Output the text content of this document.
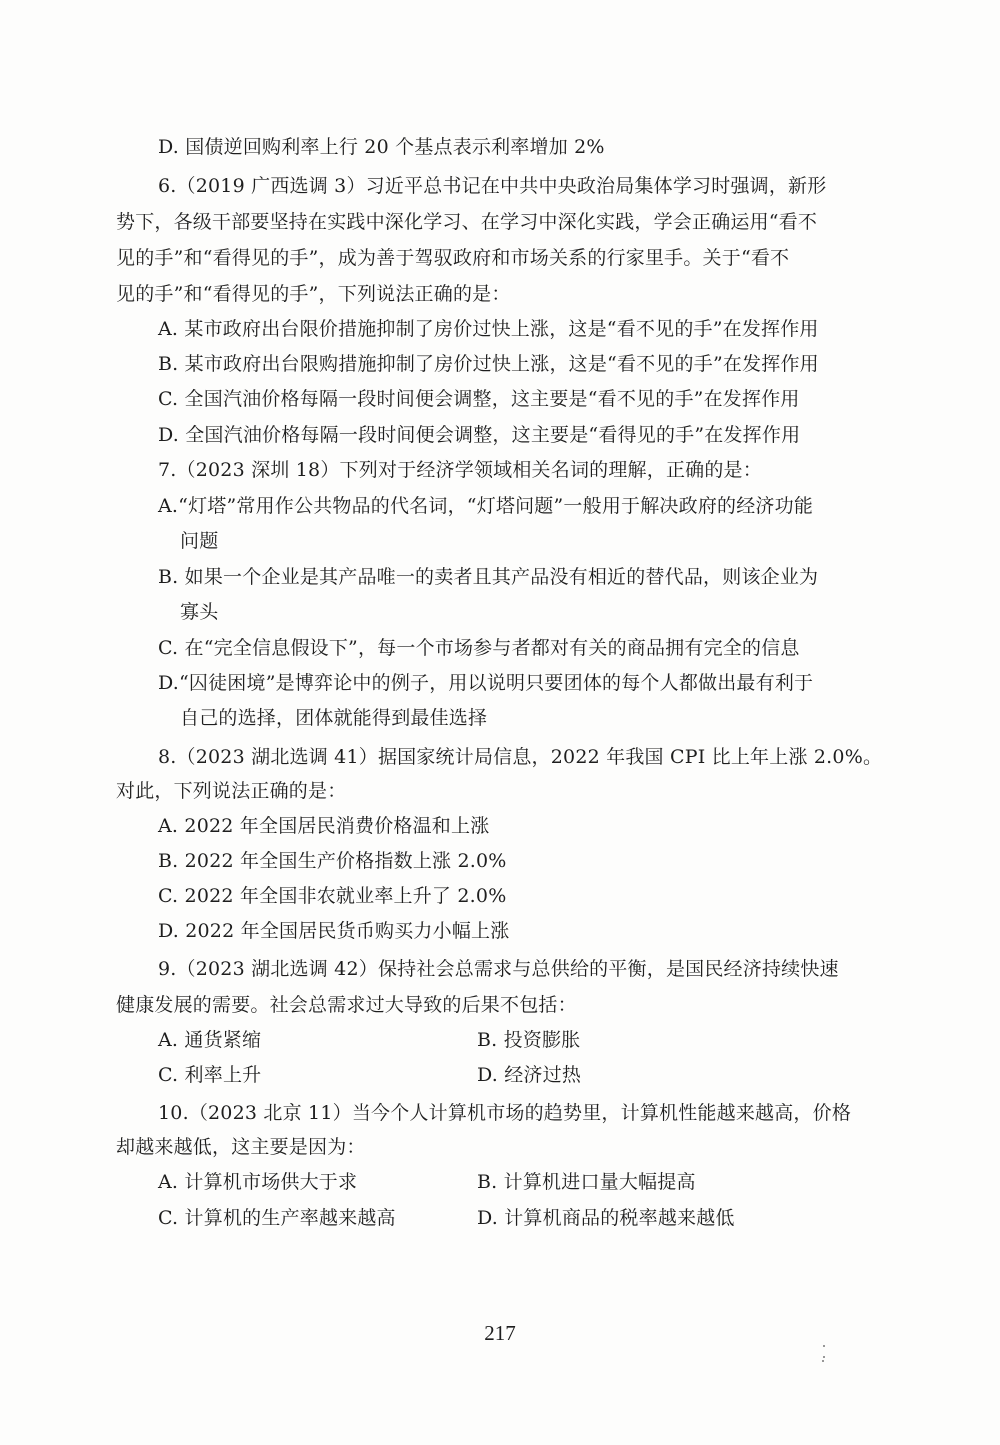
D. 国债逆回购利率上行 20 个基点表示利率增加 2%
6.（2019 广西选调 3）习近平总书记在中共中央政治局集体学习时强调，新形
势下，各级干部要坚持在实践中深化学习、在学习中深化实践，学会正确运用“看不
见的手”和“看得见的手”，成为善于驾驭政府和市场关系的行家里手。关于“看不
见的手”和“看得见的手”，下列说法正确的是：
A. 某市政府出台限价措施抑制了房价过快上涨，这是“看不见的手”在发挥作用
B. 某市政府出台限购措施抑制了房价过快上涨，这是“看不见的手”在发挥作用
C. 全国汽油价格每隔一段时间便会调整，这主要是“看不见的手”在发挥作用
D. 全国汽油价格每隔一段时间便会调整，这主要是“看得见的手”在发挥作用
7.（2023 深圳 18）下列对于经济学领域相关名词的理解，正确的是：
A.“灯塔”常用作公共物品的代名词，“灯塔问题”一般用于解决政府的经济功能
问题
B. 如果一个企业是其产品唯一的卖者且其产品没有相近的替代品，则该企业为
寡头
C. 在“完全信息假设下”，每一个市场参与者都对有关的商品拥有完全的信息
D.“囚徒困境”是博弈论中的例子，用以说明只要团体的每个人都做出最有利于
自己的选择，团体就能得到最佳选择
8.（2023 湖北选调 41）据国家统计局信息，2022 年我国 CPI 比上年上涨 2.0%。
对此，下列说法正确的是：
A. 2022 年全国居民消费价格温和上涨
B. 2022 年全国生产价格指数上涨 2.0%
C. 2022 年全国非农就业率上升了 2.0%
D. 2022 年全国居民货币购买力小幅上涨
9.（2023 湖北选调 42）保持社会总需求与总供给的平衡，是国民经济持续快速
健康发展的需要。社会总需求过大导致的后果不包括：
A. 通货紧缩	B. 投资膨胀
C. 利率上升	D. 经济过热
10.（2023 北京 11）当今个人计算机市场的趋势里，计算机性能越来越高，价格
却越来越低，这主要是因为：
A. 计算机市场供大于求	B. 计算机进口量大幅提高
C. 计算机的生产率越来越高	D. 计算机商品的税率越来越低
217
